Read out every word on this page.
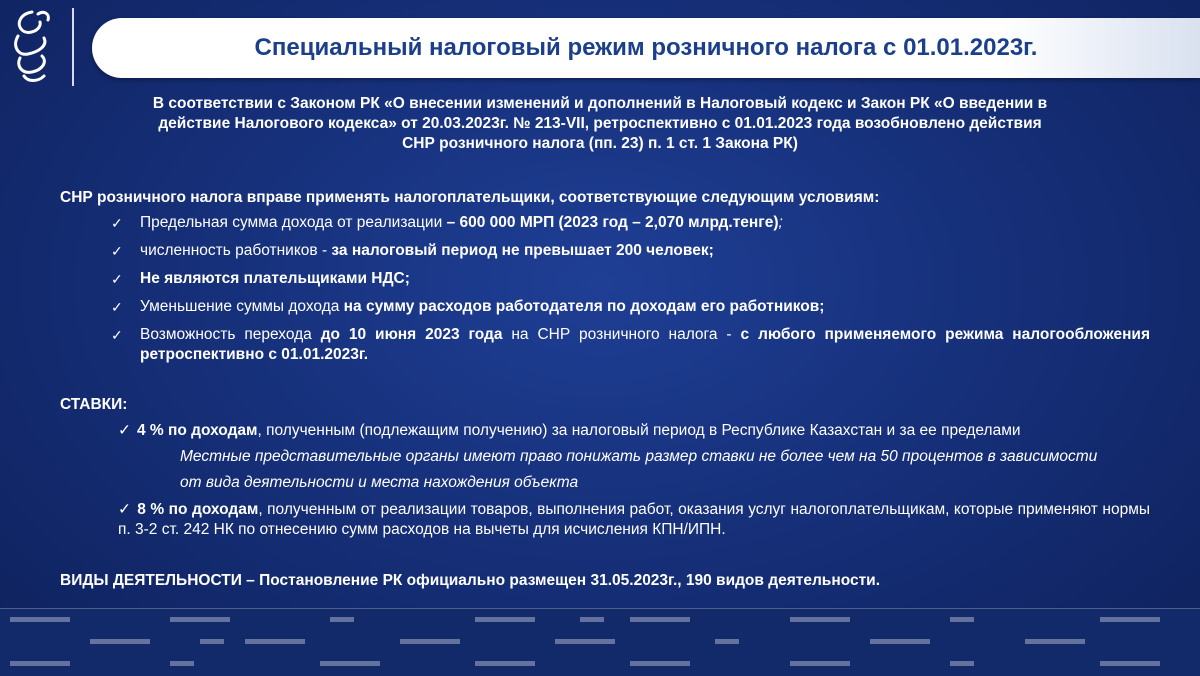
Специальный налоговый режим розничного налога с 01.01.2023г.
В соответствии с Законом РК «О внесении изменений и дополнений в Налоговый кодекс и Закон РК «О введении в
действие Налогового кодекса» от 20.03.2023г. № 213-VII, ретроспективно с 01.01.2023 года возобновлено действия
СНР розничного налога (пп. 23) п. 1 ст. 1 Закона РК)
СНР розничного налога вправе применять налогоплательщики, соответствующие следующим условиям:
✓ Предельная сумма дохода от реализации – 600 000 МРП (2023 год – 2,070 млрд.тенге);
✓ численность работников - за налоговый период не превышает 200 человек;
✓ Не являются плательщиками НДС;
✓ Уменьшение суммы дохода на сумму расходов работодателя по доходам его работников;
✓ Возможность перехода до 10 июня 2023 года на СНР розничного налога - с любого применяемого режима налогообложения ретроспективно с 01.01.2023г.
СТАВКИ:
✓ 4 % по доходам, полученным (подлежащим получению) за налоговый период в Республике Казахстан и за ее пределами
Местные представительные органы имеют право понижать размер ставки не более чем на 50 процентов в зависимости
от вида деятельности и места нахождения объекта
✓ 8 % по доходам, полученным от реализации товаров, выполнения работ, оказания услуг налогоплательщикам, которые применяют нормы п. 3-2 ст. 242 НК по отнесению сумм расходов на вычеты для исчисления КПН/ИПН.
ВИДЫ ДЕЯТЕЛЬНОСТИ – Постановление РК официально размещен 31.05.2023г., 190 видов деятельности.
